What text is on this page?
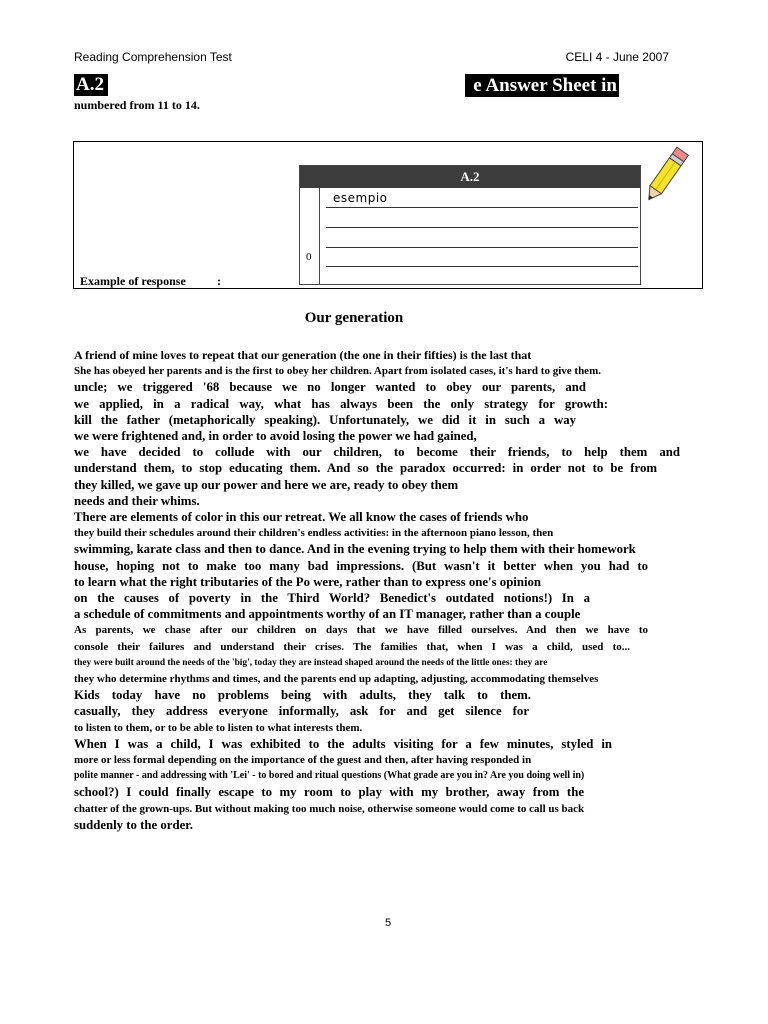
Reading Comprehension Test	CELI 4 - June 2007
A.2	e Answer Sheet in
numbered from 11 to 14.
A.2
0
esempio
Example of response	:
Our generation
A friend of mine loves to repeat that our generation (the one in their fifties) is the last that
She has obeyed her parents and is the first to obey her children. Apart from isolated cases, it's hard to give them.
uncle; we triggered '68 because we no longer wanted to obey our parents, and
we applied, in a radical way, what has always been the only strategy for growth:
kill the father (metaphorically speaking). Unfortunately, we did it in such a way
we were frightened and, in order to avoid losing the power we had gained,
we have decided to collude with our children, to become their friends, to help them and
understand them, to stop educating them. And so the paradox occurred: in order not to be from
they killed, we gave up our power and here we are, ready to obey them
needs and their whims.
There are elements of color in this our retreat. We all know the cases of friends who
they build their schedules around their children's endless activities: in the afternoon piano lesson, then
swimming, karate class and then to dance. And in the evening trying to help them with their homework
house, hoping not to make too many bad impressions. (But wasn't it better when you had to
to learn what the right tributaries of the Po were, rather than to express one's opinion
on the causes of poverty in the Third World? Benedict's outdated notions!) In a
a schedule of commitments and appointments worthy of an IT manager, rather than a couple
As parents, we chase after our children on days that we have filled ourselves. And then we have to
console their failures and understand their crises. The families that, when I was a child, used to...
they were built around the needs of the 'big', today they are instead shaped around the needs of the little ones: they are
they who determine rhythms and times, and the parents end up adapting, adjusting, accommodating themselves
Kids today have no problems being with adults, they talk to them.
casually, they address everyone informally, ask for and get silence for
to listen to them, or to be able to listen to what interests them.
When I was a child, I was exhibited to the adults visiting for a few minutes, styled in
more or less formal depending on the importance of the guest and then, after having responded in
polite manner - and addressing with 'Lei' - to bored and ritual questions (What grade are you in? Are you doing well in)
school?) I could finally escape to my room to play with my brother, away from the
chatter of the grown-ups. But without making too much noise, otherwise someone would come to call us back
suddenly to the order.
5
